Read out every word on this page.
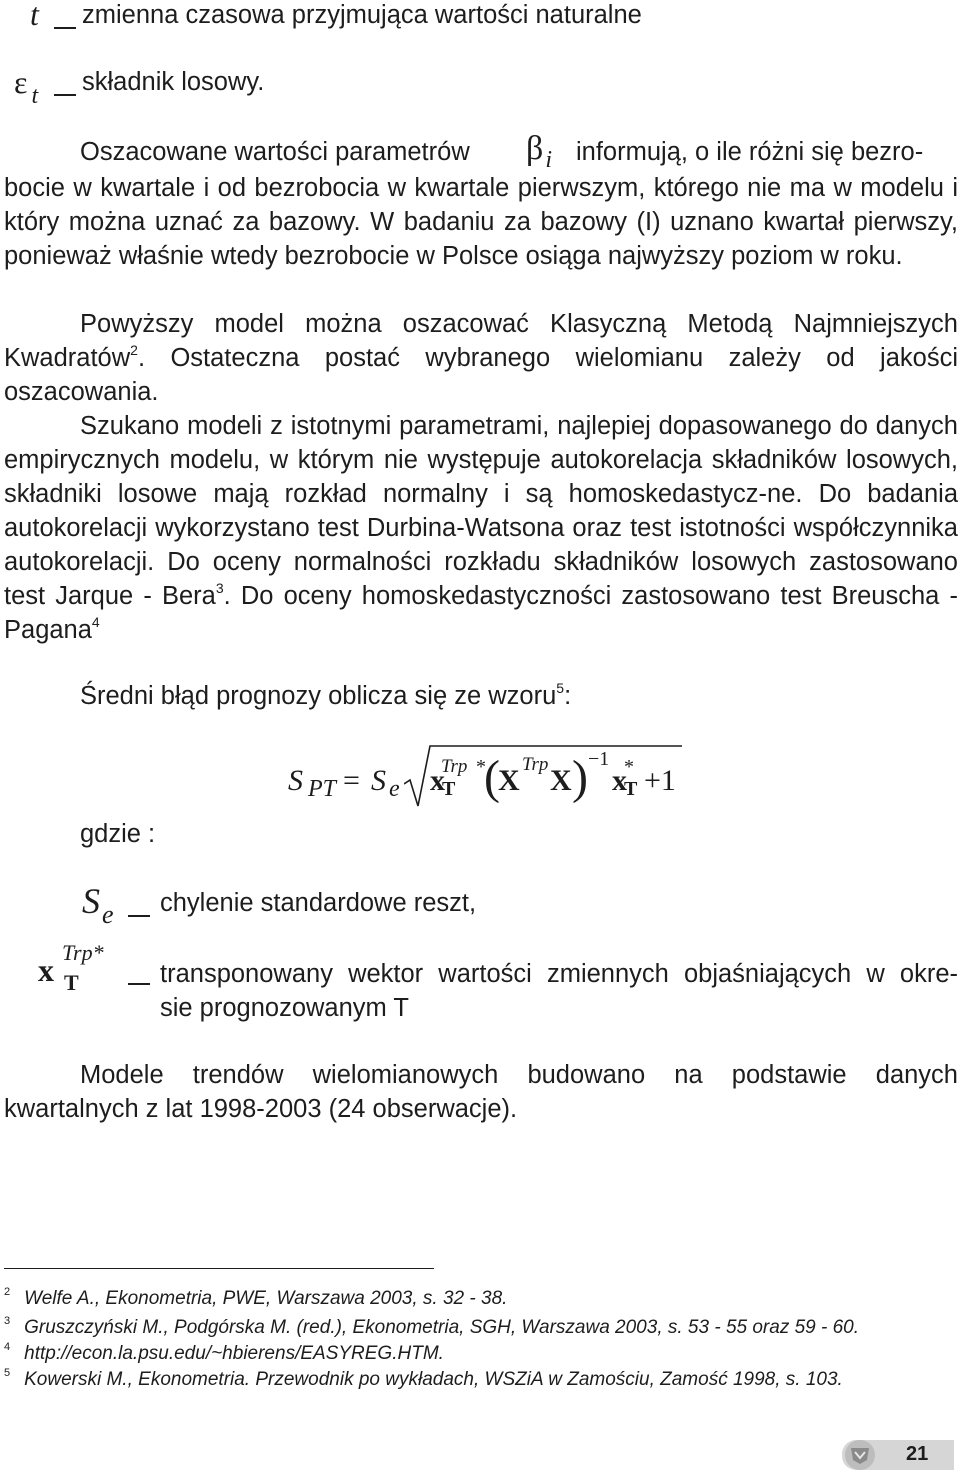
t zmienna czasowa przyjmująca wartości naturalne
ε $_t$ składnik losowy.
Oszacowane wartości parametrów $\beta_i$ informują, o ile różni się bezro-

bocie w kwartale i od bezrobocia w kwartale pierwszym, którego nie ma w modelu i który można uznać za bazowy. W badaniu za bazowy (I) uznano kwartał pierwszy, ponieważ właśnie wtedy bezrobocie w Polsce osiąga najwyższy poziom w roku.

Powyższy model można oszacować Klasyczną Metodą Najmniejszych Kwadratów$^2$. Ostateczna postać wybranego wielomianu zależy od jakości oszacowania.

Szukano modeli z istotnymi parametrami, najlepiej dopasowanego do danych empirycznych modelu, w którym nie występuje autokorelacja składników losowych, składniki losowe mają rozkład normalny i są homoskedastycz-ne. Do badania autokorelacji wykorzystano test Durbina-Watsona oraz test istotności współczynnika autokorelacji. Do oceny normalności rozkładu składników losowych zastosowano test Jarque - Bera$^3$. Do oceny homoskedastyczności zastosowano test Breuscha - Pagana$^4$

Średni błąd prognozy oblicza się ze wzoru$^5$:
S PT = S e x
Trp *
T (
X Trp X ) −1
x
*
T +1
gdzie :
$S_e$ chylenie standardowe reszt,
x Trp*
T	transponowany wektor wartości zmiennych objaśniających w okre-
sie prognozowanym T

Modele trendów wielomianowych budowano na podstawie danych kwartalnych z lat 1998-2003 (24 obserwacje).

$^2$ Welfe A., Ekonometria, PWE, Warszawa 2003, s. 32 - 38.
$^3$ Gruszczyński M., Podgórska M. (red.), Ekonometria, SGH, Warszawa 2003, s. 53 - 55 oraz 59 - 60.
$^4$ http://econ.la.psu.edu/~hbierens/EASYREG.HTM.
$^5$ Kowerski M., Ekonometria. Przewodnik po wykładach, WSZiA w Zamościu, Zamość 1998, s. 103.
21
